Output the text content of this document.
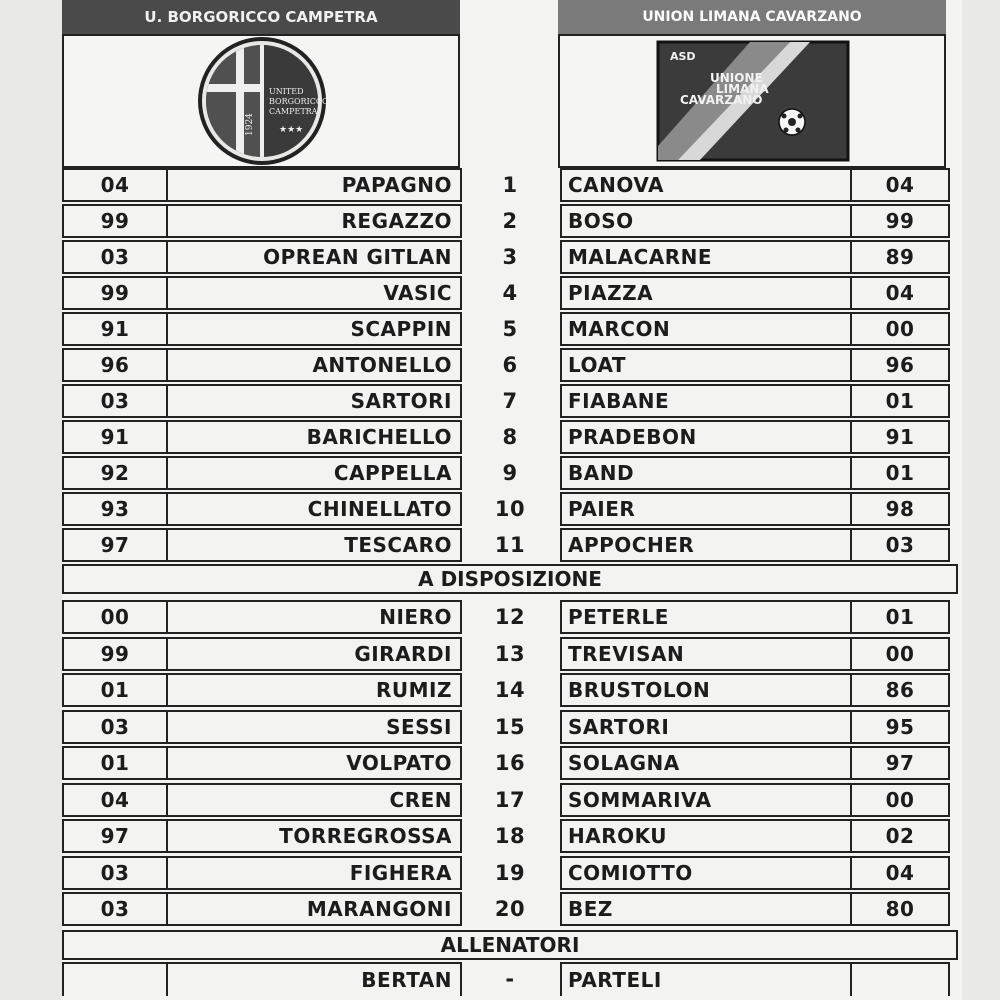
U. BORGORICCO CAMPETRA	UNION LIMANA CAVARZANO
1924
UNITED
BORGORICCO
CAMPETRA
★★★
ASD
UNIONE
LIMANA
CAVARZANO
04	PAPAGNO	1	CANOVA	04
99	REGAZZO	2	BOSO	99
03	OPREAN GITLAN	3	MALACARNE	89
99	VASIC	4	PIAZZA	04
91	SCAPPIN	5	MARCON	00
96	ANTONELLO	6	LOAT	96
03	SARTORI	7	FIABANE	01
91	BARICHELLO	8	PRADEBON	91
92	CAPPELLA	9	BAND	01
93	CHINELLATO	10	PAIER	98
97	TESCARO	11	APPOCHER	03
A DISPOSIZIONE
00	NIERO	12	PETERLE	01
99	GIRARDI	13	TREVISAN	00
01	RUMIZ	14	BRUSTOLON	86
03	SESSI	15	SARTORI	95
01	VOLPATO	16	SOLAGNA	97
04	CREN	17	SOMMARIVA	00
97	TORREGROSSA	18	HAROKU	02
03	FIGHERA	19	COMIOTTO	04
03	MARANGONI	20	BEZ	80
ALLENATORI
BERTAN	-	PARTELI
